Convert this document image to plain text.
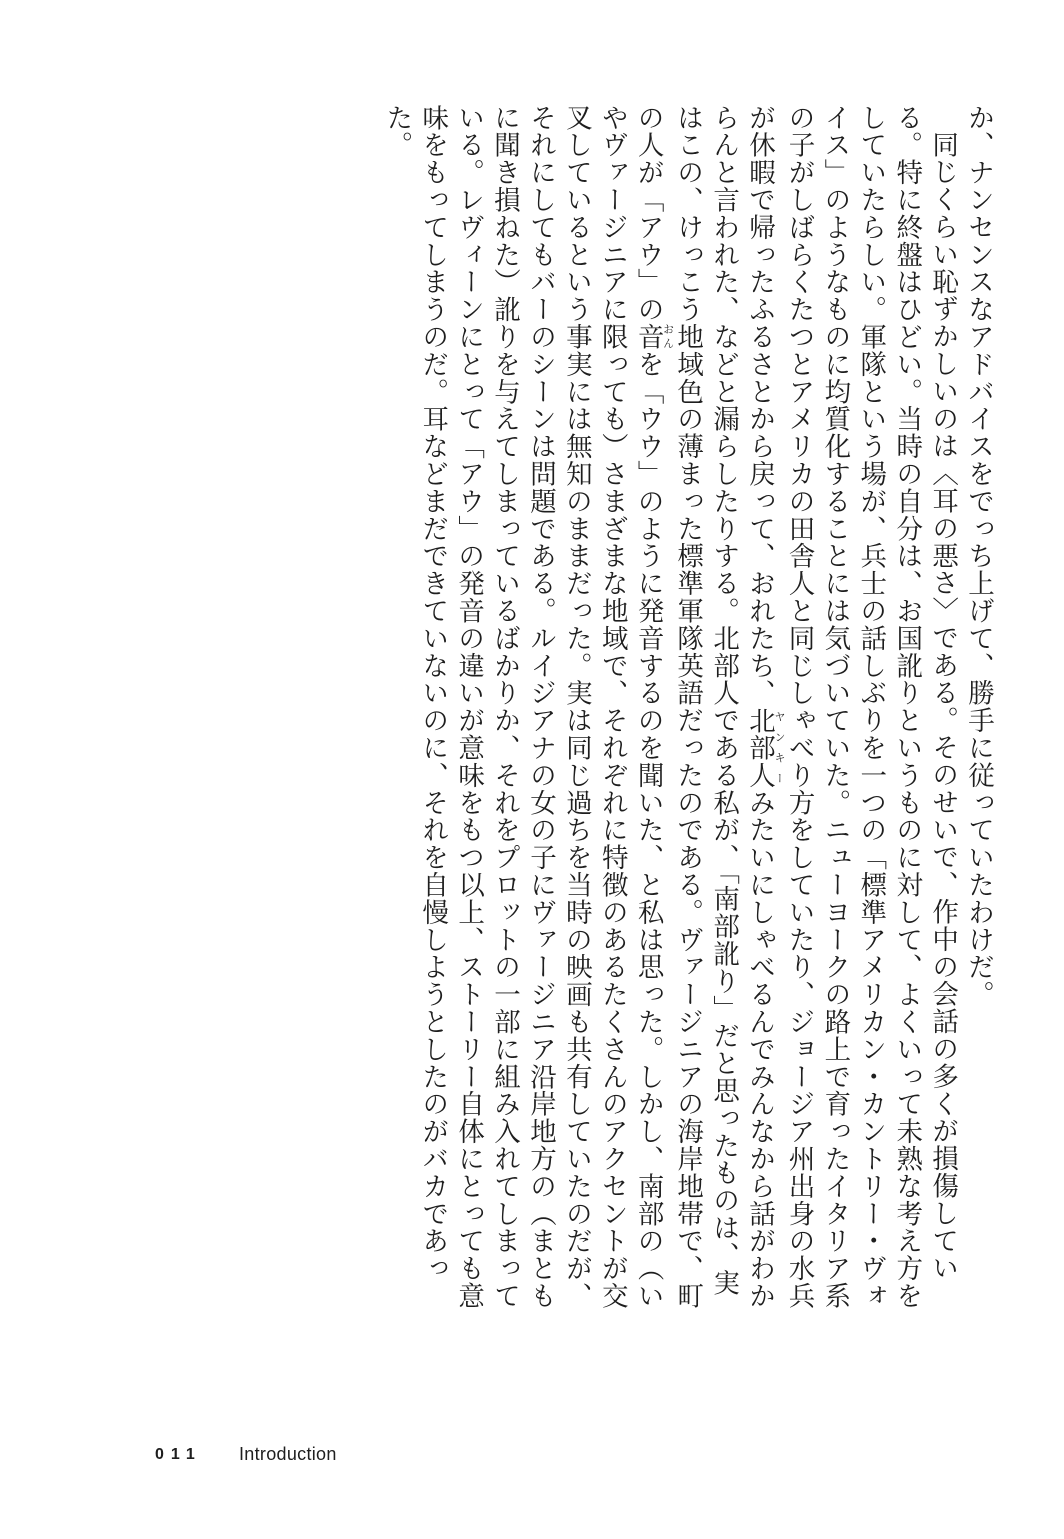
か、ナンセンスなアドバイスをでっち上げて、勝手に従っていたわけだ。

同じくらい恥ずかしいのは〈耳の悪さ〉である。そのせいで、作中の会話の多くが損傷している。特に終盤はひどい。当時の自分は、お国訛りというものに対して、よくいって未熟な考え方をしていたらしい。軍隊という場が、兵士の話しぶりを一つの「標準アメリカン・カントリー・ヴォイス」のようなものに均質化することには気づいていた。ニューヨークの路上で育ったイタリア系の子がしばらくたつとアメリカの田舎人と同じしゃべり方をしていたり、ジョージア州出身の水兵が休暇で帰ったふるさとから戻って、おれたち、北部人ヤンキーみたいにしゃべるんでみんなから話がわからんと言われた、などと漏らしたりする。北部人である私が、「南部訛り」だと思ったものは、実はこの、けっこう地域色の薄まった標準軍隊英語だったのである。ヴァージニアの海岸地帯で、町の人が「アウ」の音おんを「ウウ」のように発音するのを聞いた、と私は思った。しかし、南部の（いやヴァージニアに限っても）さまざまな地域で、それぞれに特徴のあるたくさんのアクセントが交叉しているという事実には無知のままだった。実は同じ過ちを当時の映画も共有していたのだが、それにしてもバーのシーンは問題である。ルイジアナの女の子にヴァージニア沿岸地方の（まともに聞き損ねた）訛りを与えてしまっているばかりか、それをプロットの一部に組み入れてしまっている。レヴィーンにとって「アウ」の発音の違いが意味をもつ以上、ストーリー自体にとっても意味をもってしまうのだ。耳などまだできていないのに、それを自慢しようとしたのがバカであった。

011	Introduction
